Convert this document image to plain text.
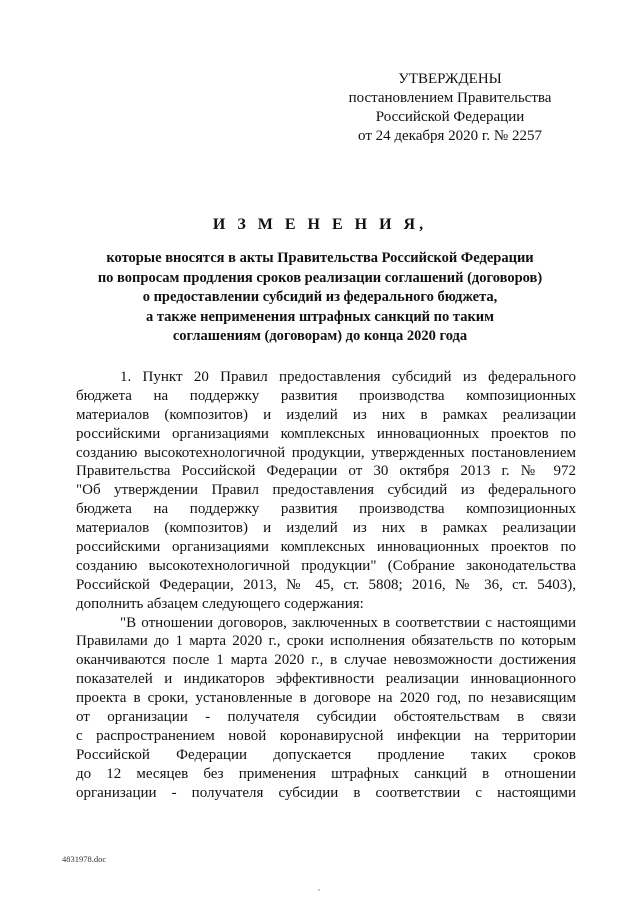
УТВЕРЖДЕНЫ
постановлением Правительства
Российской Федерации
от 24 декабря 2020 г. № 2257
И З М Е Н Е Н И Я,
которые вносятся в акты Правительства Российской Федерации
по вопросам продления сроков реализации соглашений (договоров)
о предоставлении субсидий из федерального бюджета,
а также неприменения штрафных санкций по таким
соглашениям (договорам) до конца 2020 года
1. Пункт 20 Правил предоставления субсидий из федерального
бюджета на поддержку развития производства композиционных
материалов (композитов) и изделий из них в рамках реализации
российскими организациями комплексных инновационных проектов по
созданию высокотехнологичной продукции, утвержденных постановлением
Правительства Российской Федерации от 30 октября 2013 г. № 972
"Об утверждении Правил предоставления субсидий из федерального
бюджета на поддержку развития производства композиционных
материалов (композитов) и изделий из них в рамках реализации
российскими организациями комплексных инновационных проектов по
созданию высокотехнологичной продукции" (Собрание законодательства
Российской Федерации, 2013, № 45, ст. 5808; 2016, № 36, ст. 5403),
дополнить абзацем следующего содержания:
"В отношении договоров, заключенных в соответствии с настоящими
Правилами до 1 марта 2020 г., сроки исполнения обязательств по которым
оканчиваются после 1 марта 2020 г., в случае невозможности достижения
показателей и индикаторов эффективности реализации инновационного
проекта в сроки, установленные в договоре на 2020 год, по независящим
от организации - получателя субсидии обстоятельствам в связи
с распространением новой коронавирусной инфекции на территории
Российской Федерации допускается продление таких сроков
до 12 месяцев без применения штрафных санкций в отношении
организации - получателя субсидии в соответствии с настоящими
4831978.doc
